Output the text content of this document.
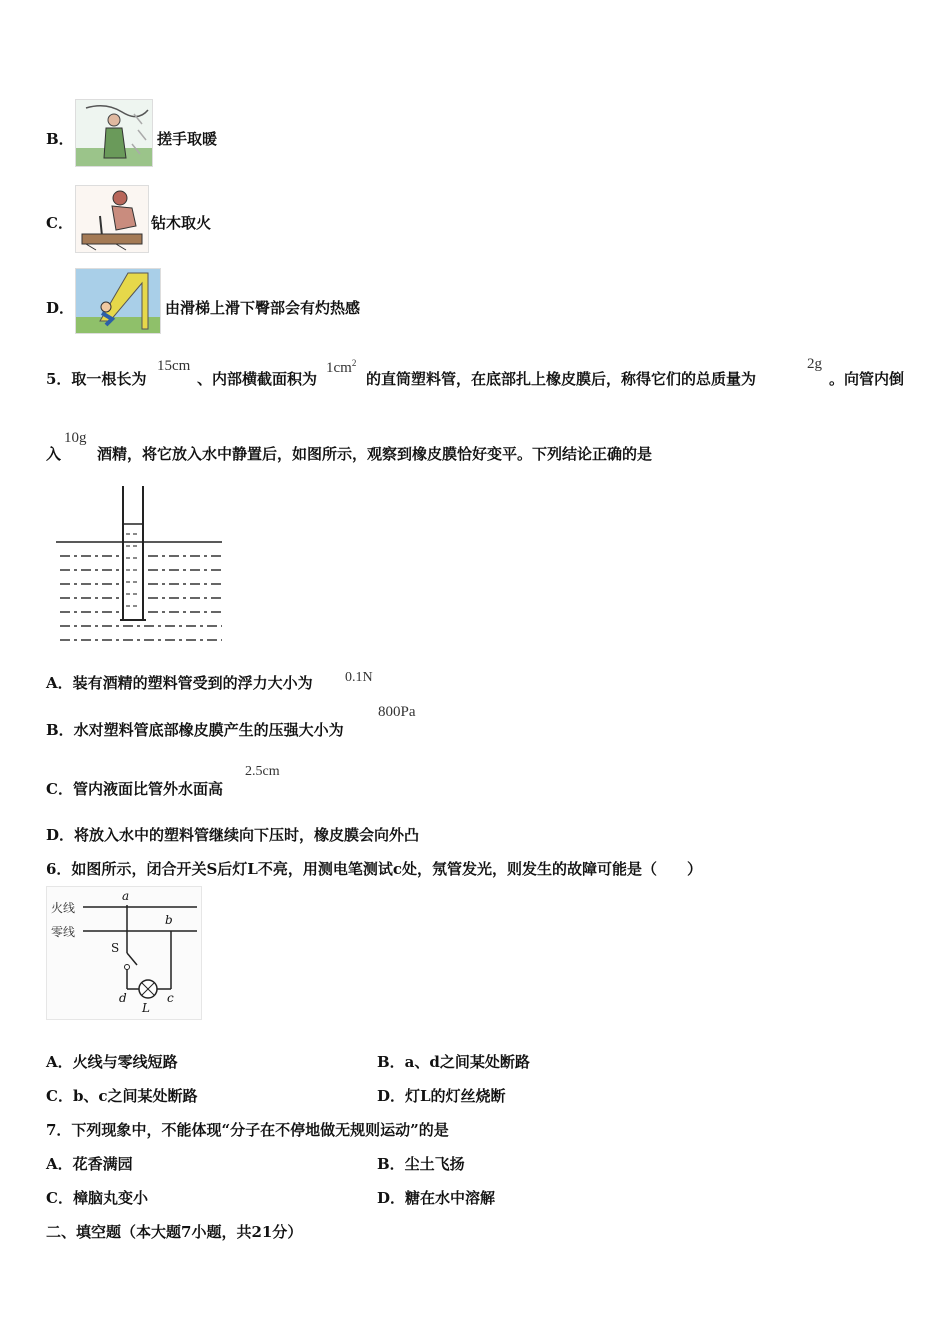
B．	搓手取暖
C．	钻木取火
D．	由滑梯上滑下臀部会有灼热感
5．取一根长为
15cm
、内部横截面积为
$1cm^2$
的直筒塑料管，在底部扎上橡皮膜后，称得它们的总质量为
2g
。向管内倒
入
10g
酒精，将它放入水中静置后，如图所示，观察到橡皮膜恰好变平。下列结论正确的是
A．装有酒精的塑料管受到的浮力大小为 0.1N
B．水对塑料管底部橡皮膜产生的压强大小为
800Pa
C．管内液面比管外水面高
2.5cm
D．将放入水中的塑料管继续向下压时，橡皮膜会向外凸
6．如图所示，闭合开关S后灯L不亮，用测电笔测试c处，氖管发光，则发生的故障可能是（　　）
火线
零线
a
b
S
d	c
L
A．火线与零线短路	B．a、d之间某处断路
C．b、c之间某处断路	D．灯L的灯丝烧断
7．下列现象中，不能体现“分子在不停地做无规则运动”的是
A．花香满园	B．尘土飞扬
C．樟脑丸变小	D．糖在水中溶解
二、填空题（本大题7小题，共21分）
